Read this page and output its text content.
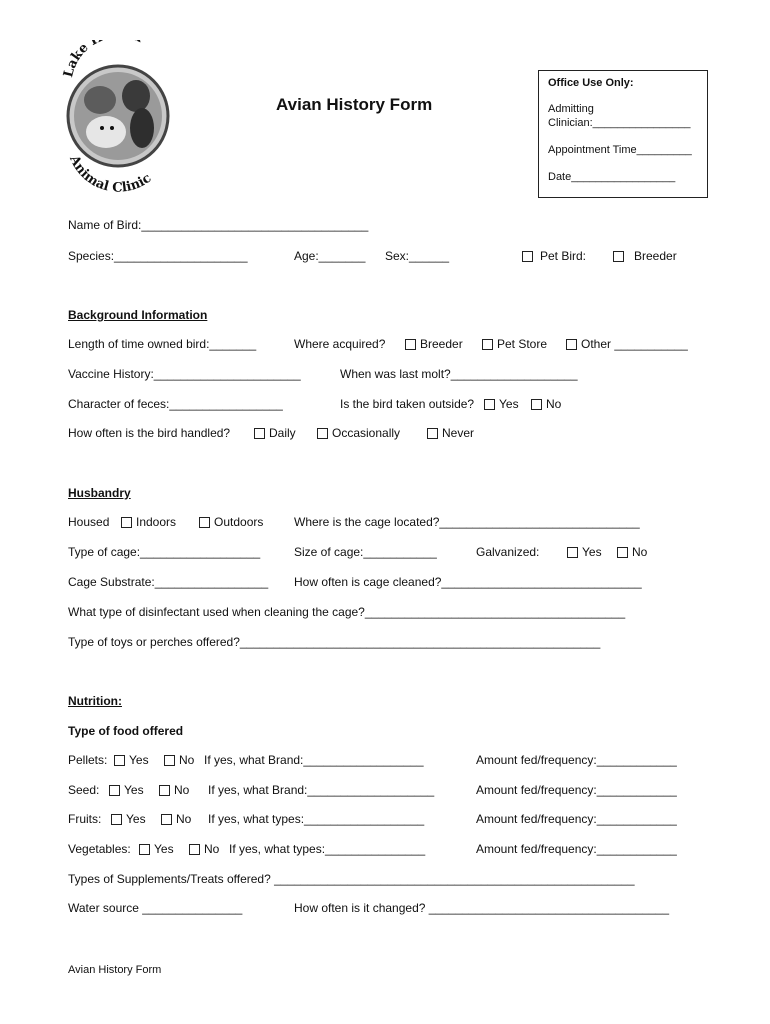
Lake
Animal Clinic
Avian History Form
Office Use Only:
Admitting
Clinician:________________
Appointment Time_________
Date_________________
Name of Bird:__________________________________
Species:____________________	Age:_______ Sex:______	Pet Bird:	Breeder
Background Information
Length of time owned bird:_______	Where acquired?	Breeder	Pet Store	Other ___________
Vaccine History:______________________	When was last molt?___________________
Character of feces:_________________	Is the bird taken outside?	Yes	No
How often is the bird handled?	Daily	Occasionally	Never
Husbandry
Housed	Indoors	Outdoors	Where is the cage located?______________________________
Type of cage:__________________	Size of cage:___________	Galvanized:	Yes	No
Cage Substrate:_________________ How often is cage cleaned?______________________________
What type of disinfectant used when cleaning the cage?_______________________________________
Type of toys or perches offered?______________________________________________________
Nutrition:
Type of food offered
Pellets:	Yes	No If yes, what Brand:__________________	Amount fed/frequency:____________
Seed:	Yes	No If yes, what Brand:___________________	Amount fed/frequency:____________
Fruits:	Yes	No If yes, what types:__________________	Amount fed/frequency:____________
Vegetables:	Yes	No If yes, what types:_______________	Amount fed/frequency:____________
Types of Supplements/Treats offered? ______________________________________________________
Water source _______________	How often is it changed? ____________________________________
Avian History Form
